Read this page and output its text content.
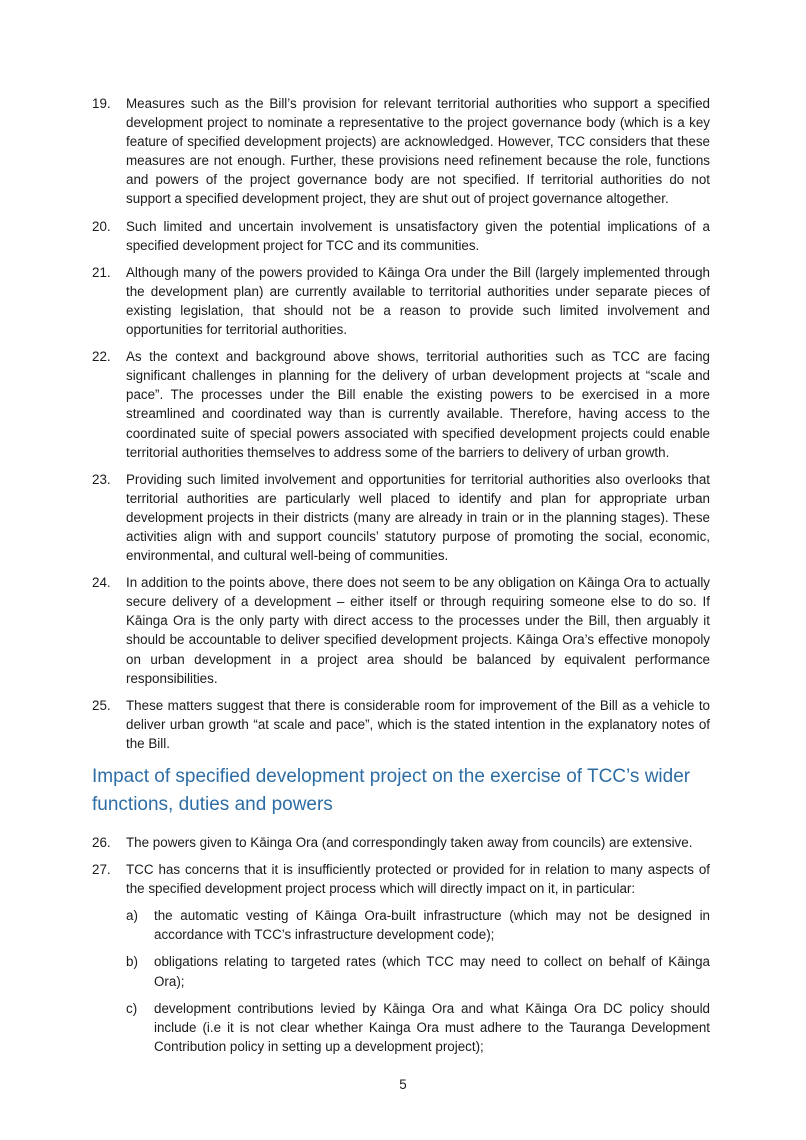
19.	Measures such as the Bill’s provision for relevant territorial authorities who support a specified development project to nominate a representative to the project governance body (which is a key feature of specified development projects) are acknowledged. However, TCC considers that these measures are not enough. Further, these provisions need refinement because the role, functions and powers of the project governance body are not specified. If territorial authorities do not support a specified development project, they are shut out of project governance altogether.
20.	Such limited and uncertain involvement is unsatisfactory given the potential implications of a specified development project for TCC and its communities.
21.	Although many of the powers provided to Kāinga Ora under the Bill (largely implemented through the development plan) are currently available to territorial authorities under separate pieces of existing legislation, that should not be a reason to provide such limited involvement and opportunities for territorial authorities.
22.	As the context and background above shows, territorial authorities such as TCC are facing significant challenges in planning for the delivery of urban development projects at “scale and pace”. The processes under the Bill enable the existing powers to be exercised in a more streamlined and coordinated way than is currently available. Therefore, having access to the coordinated suite of special powers associated with specified development projects could enable territorial authorities themselves to address some of the barriers to delivery of urban growth.
23.	Providing such limited involvement and opportunities for territorial authorities also overlooks that territorial authorities are particularly well placed to identify and plan for appropriate urban development projects in their districts (many are already in train or in the planning stages). These activities align with and support councils’ statutory purpose of promoting the social, economic, environmental, and cultural well-being of communities.
24.	In addition to the points above, there does not seem to be any obligation on Kāinga Ora to actually secure delivery of a development – either itself or through requiring someone else to do so. If Kāinga Ora is the only party with direct access to the processes under the Bill, then arguably it should be accountable to deliver specified development projects. Kāinga Ora’s effective monopoly on urban development in a project area should be balanced by equivalent performance responsibilities.
25.	These matters suggest that there is considerable room for improvement of the Bill as a vehicle to deliver urban growth “at scale and pace”, which is the stated intention in the explanatory notes of the Bill.
Impact of specified development project on the exercise of TCC’s wider functions, duties and powers
26.	The powers given to Kāinga Ora (and correspondingly taken away from councils) are extensive.
27.	TCC has concerns that it is insufficiently protected or provided for in relation to many aspects of the specified development project process which will directly impact on it, in particular:
a)	the automatic vesting of Kāinga Ora-built infrastructure (which may not be designed in accordance with TCC’s infrastructure development code);
b)	obligations relating to targeted rates (which TCC may need to collect on behalf of Kāinga Ora);
c)	development contributions levied by Kāinga Ora and what Kāinga Ora DC policy should include (i.e it is not clear whether Kainga Ora must adhere to the Tauranga Development Contribution policy in setting up a development project);
5
